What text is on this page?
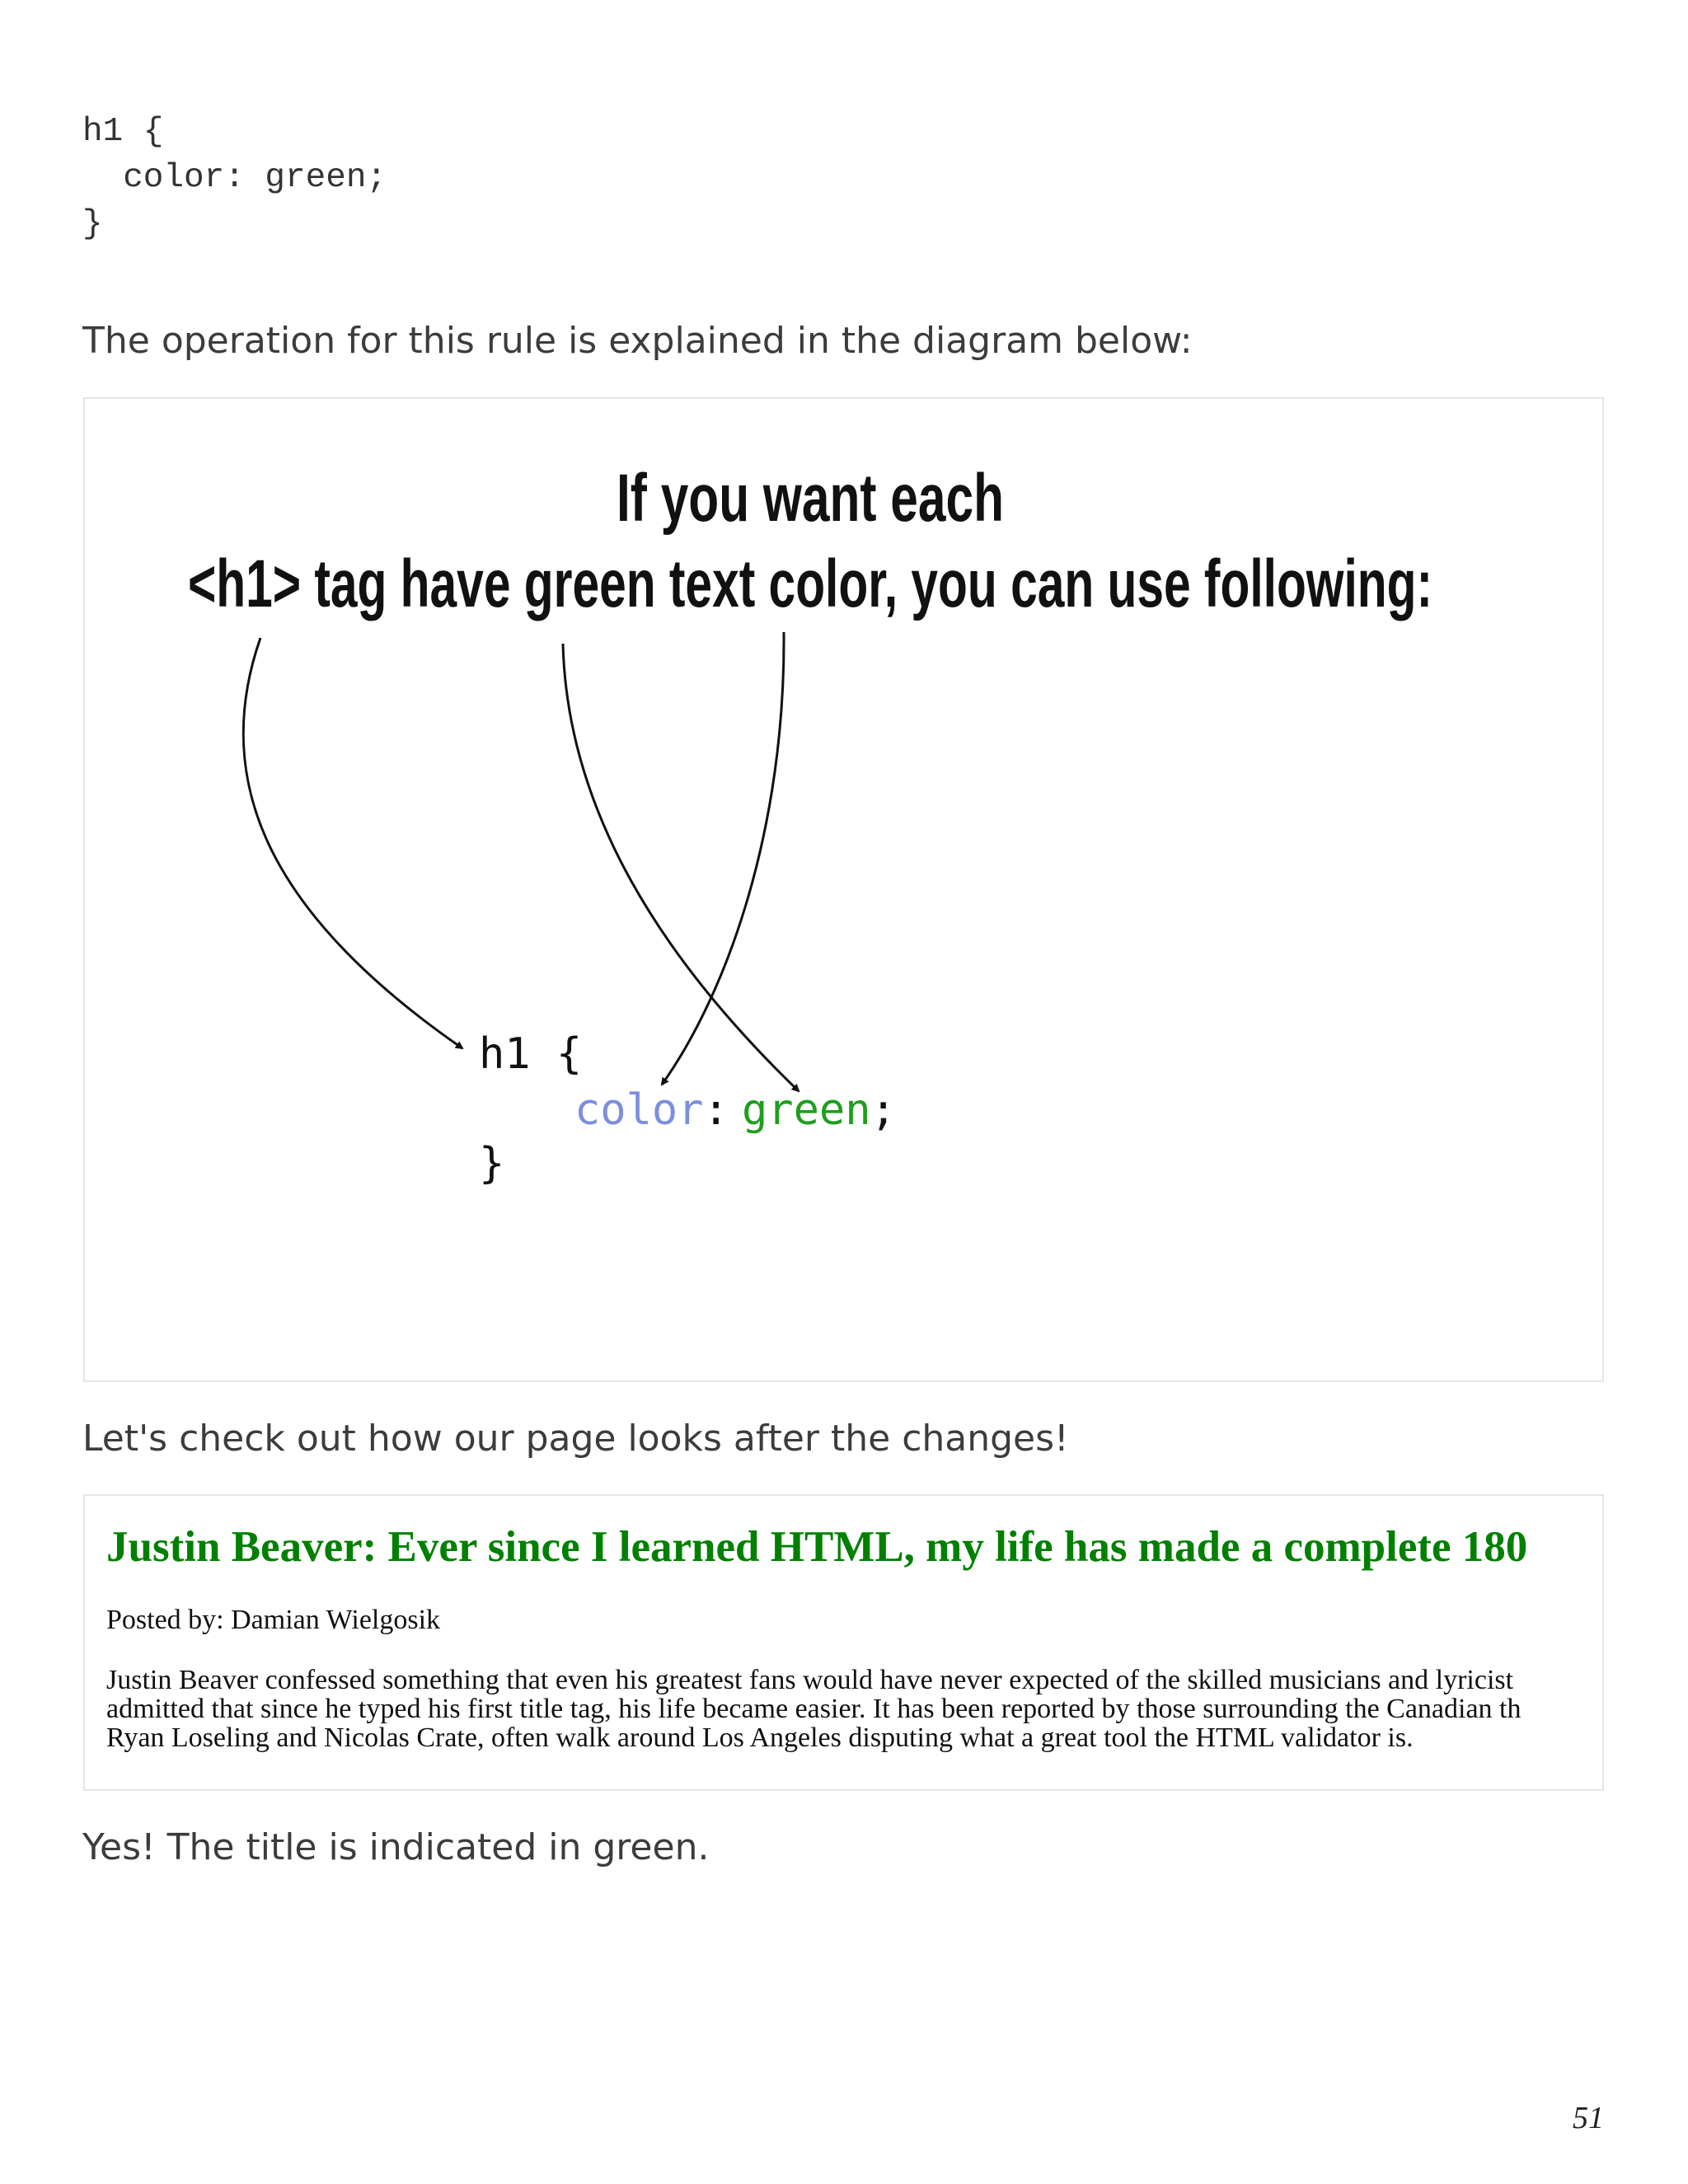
h1 {
color: green;
}

The operation for this rule is explained in the diagram below:

If you want each
<h1> tag have green text color, you can use following:
h1 {
color : green ;
}

Let's check out how our page looks after the changes!

Justin Beaver: Ever since I learned HTML, my life has made a complete 180

Posted by: Damian Wielgosik

Justin Beaver confessed something that even his greatest fans would have never expected of the skilled musicians and lyricist
admitted that since he typed his first title tag, his life became easier. It has been reported by those surrounding the Canadian th
Ryan Loseling and Nicolas Crate, often walk around Los Angeles disputing what a great tool the HTML validator is.

Yes! The title is indicated in green.

51
